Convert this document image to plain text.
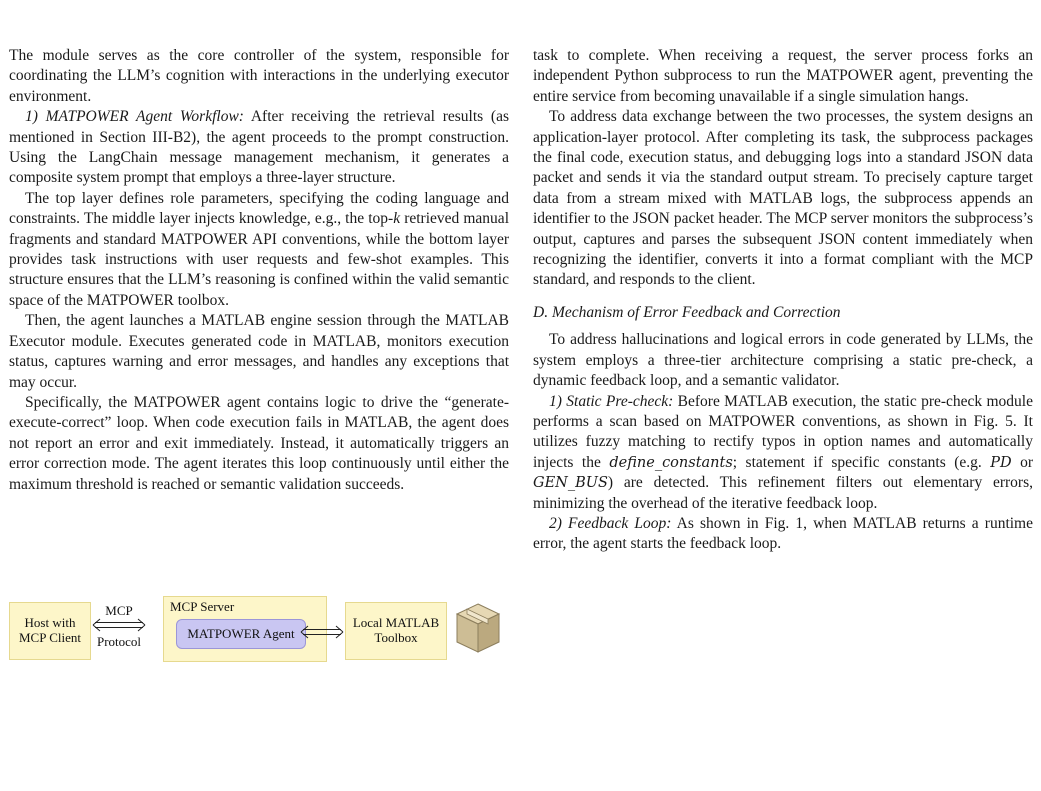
The module serves as the core controller of the system, responsible for coordinating the LLM’s cognition with interactions in the underlying executor environment.

1) MATPOWER Agent Workflow: After receiving the retrieval results (as mentioned in Section III-B2), the agent proceeds to the prompt construction. Using the LangChain message management mechanism, it generates a composite system prompt that employs a three-layer structure.

The top layer defines role parameters, specifying the coding language and constraints. The middle layer injects knowledge, e.g., the top-k retrieved manual fragments and standard MATPOWER API conventions, while the bottom layer provides task instructions with user requests and few-shot examples. This structure ensures that the LLM’s reasoning is confined within the valid semantic space of the MATPOWER toolbox.

Then, the agent launches a MATLAB engine session through the MATLAB Executor module. Executes generated code in MATLAB, monitors execution status, captures warning and error messages, and handles any exceptions that may occur.

Specifically, the MATPOWER agent contains logic to drive the “generate-execute-correct” loop. When code execution fails in MATLAB, the agent does not report an error and exit immediately. Instead, it automatically triggers an error correction mode. The agent iterates this loop continuously until either the maximum threshold is reached or semantic validation succeeds.

Host with MCP Client
MCP
Protocol
MCP Server
MATPOWER Agent
Local MATLAB Toolbox

task to complete. When receiving a request, the server process forks an independent Python subprocess to run the MATPOWER agent, preventing the entire service from becoming unavailable if a single simulation hangs.

To address data exchange between the two processes, the system designs an application-layer protocol. After completing its task, the subprocess packages the final code, execution status, and debugging logs into a standard JSON data packet and sends it via the standard output stream. To precisely capture target data from a stream mixed with MATLAB logs, the subprocess appends an identifier to the JSON packet header. The MCP server monitors the subprocess’s output, captures and parses the subsequent JSON content immediately when recognizing the identifier, converts it into a format compliant with the MCP standard, and responds to the client.

D. Mechanism of Error Feedback and Correction

To address hallucinations and logical errors in code generated by LLMs, the system employs a three-tier architecture comprising a static pre-check, a dynamic feedback loop, and a semantic validator.

1) Static Pre-check: Before MATLAB execution, the static pre-check module performs a scan based on MATPOWER conventions, as shown in Fig. 5. It utilizes fuzzy matching to rectify typos in option names and automatically injects the define_constants; statement if specific constants (e.g. PD or GEN_BUS) are detected. This refinement filters out elementary errors, minimizing the overhead of the iterative feedback loop.

2) Feedback Loop: As shown in Fig. 1, when MATLAB returns a runtime error, the agent starts the feedback loop.
